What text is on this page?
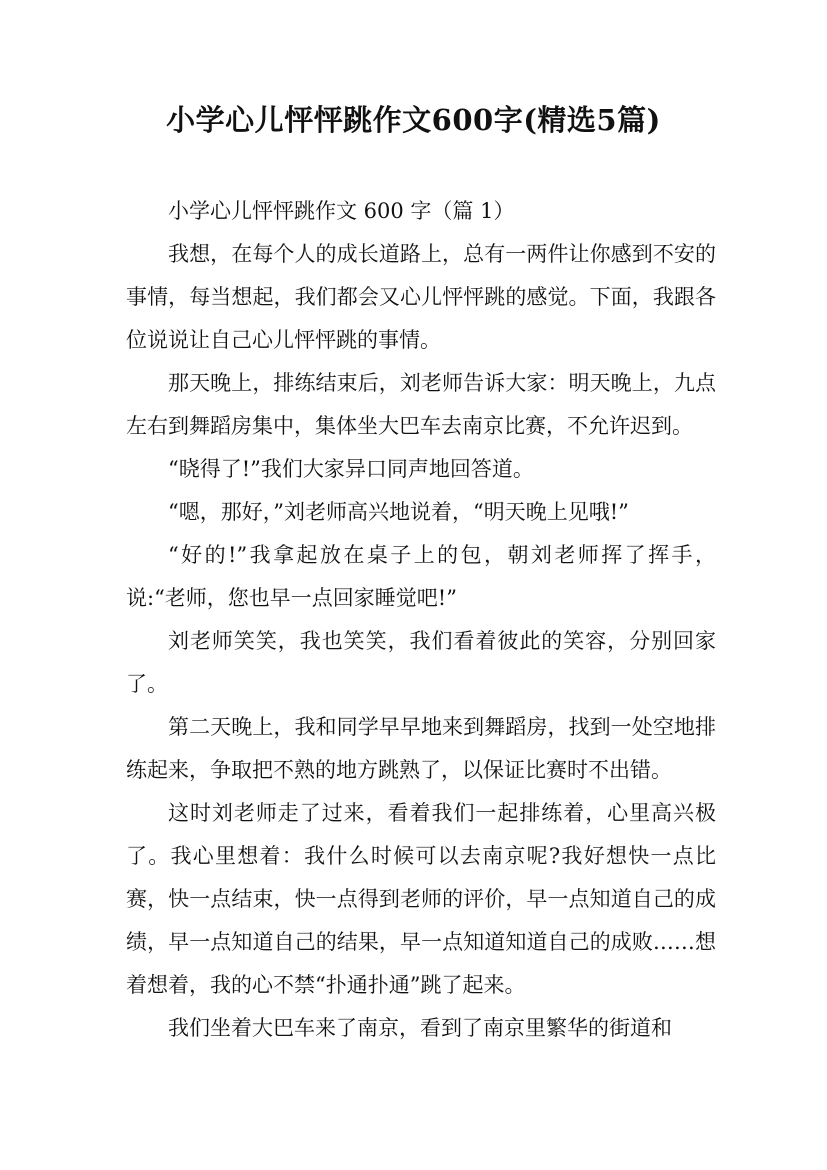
小学心儿怦怦跳作文600字(精选5篇)

小学心儿怦怦跳作文 600 字（篇 1）

我想，在每个人的成长道路上，总有一两件让你感到不安的事情，每当想起，我们都会又心儿怦怦跳的感觉。下面，我跟各位说说让自己心儿怦怦跳的事情。

那天晚上，排练结束后，刘老师告诉大家：明天晚上，九点左右到舞蹈房集中，集体坐大巴车去南京比赛，不允许迟到。

“晓得了!”我们大家异口同声地回答道。

“嗯，那好，”刘老师高兴地说着，“明天晚上见哦!”

“好的!”我拿起放在桌子上的包，朝刘老师挥了挥手，说:“老师，您也早一点回家睡觉吧!”

刘老师笑笑，我也笑笑，我们看着彼此的笑容，分别回家了。

第二天晚上，我和同学早早地来到舞蹈房，找到一处空地排练起来，争取把不熟的地方跳熟了，以保证比赛时不出错。

这时刘老师走了过来，看着我们一起排练着，心里高兴极了。我心里想着：我什么时候可以去南京呢?我好想快一点比赛，快一点结束，快一点得到老师的评价，早一点知道自己的成绩，早一点知道自己的结果，早一点知道知道自己的成败……想着想着，我的心不禁“扑通扑通”跳了起来。

我们坐着大巴车来了南京，看到了南京里繁华的街道和
